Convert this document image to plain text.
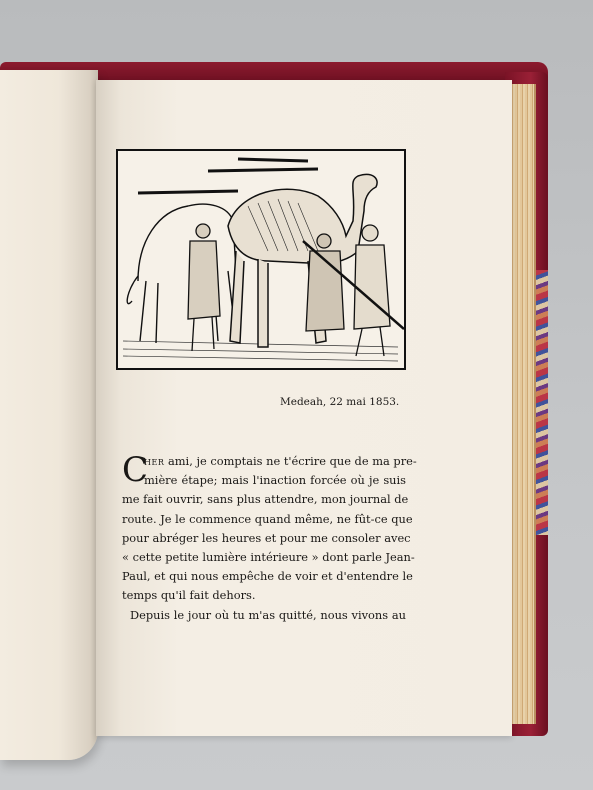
Medeah, 22 mai 1853.
C
her ami, je comptais ne t'écrire que de ma pre-
mière étape; mais l'inaction forcée où je suis
me fait ouvrir, sans plus attendre, mon journal de
route. Je le commence quand même, ne fût-ce que
pour abréger les heures et pour me consoler avec
« cette petite lumière intérieure » dont parle Jean-
Paul, et qui nous empêche de voir et d'entendre le
temps qu'il fait dehors.
Depuis le jour où tu m'as quitté, nous vivons au
